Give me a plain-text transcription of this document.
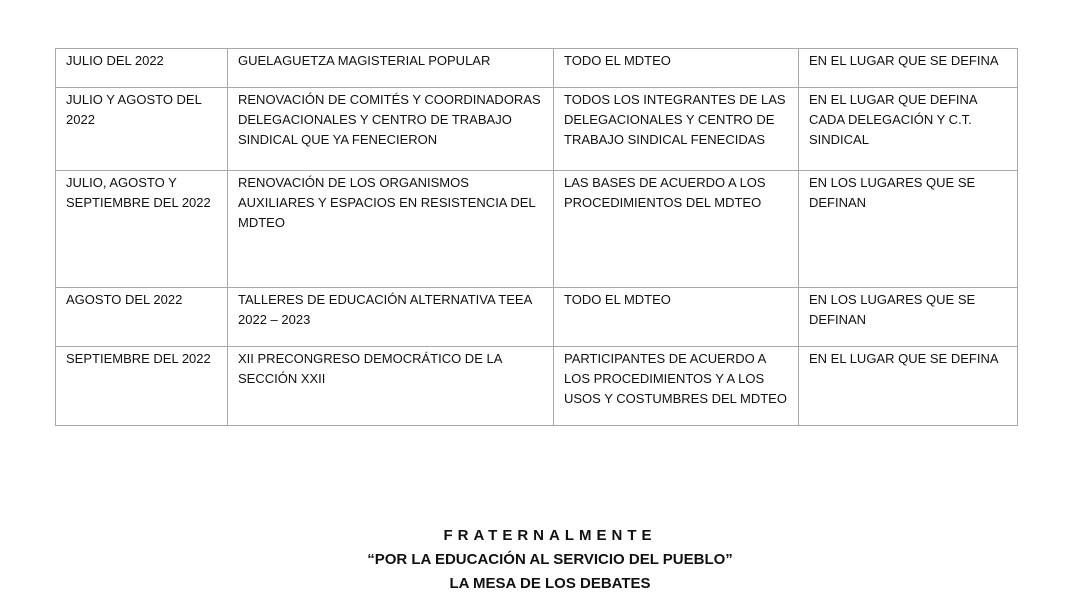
JULIO DEL 2022	GUELAGUETZA MAGISTERIAL POPULAR	TODO EL MDTEO	EN EL LUGAR QUE SE DEFINA
JULIO Y AGOSTO DEL 2022	RENOVACIÓN DE COMITÉS Y COORDINADORAS DELEGACIONALES Y CENTRO DE TRABAJO SINDICAL QUE YA FENECIERON	TODOS LOS INTEGRANTES DE LAS DELEGACIONALES Y CENTRO DE TRABAJO SINDICAL FENECIDAS	EN EL LUGAR QUE DEFINA CADA DELEGACIÓN Y C.T. SINDICAL
JULIO, AGOSTO Y SEPTIEMBRE DEL 2022	RENOVACIÓN DE LOS ORGANISMOS AUXILIARES Y ESPACIOS EN RESISTENCIA DEL MDTEO	LAS BASES DE ACUERDO A LOS PROCEDIMIENTOS DEL MDTEO	EN LOS LUGARES QUE SE DEFINAN
AGOSTO DEL 2022	TALLERES DE EDUCACIÓN ALTERNATIVA TEEA 2022 – 2023	TODO EL MDTEO	EN LOS LUGARES QUE SE DEFINAN
SEPTIEMBRE DEL 2022	XII PRECONGRESO DEMOCRÁTICO DE LA SECCIÓN XXII	PARTICIPANTES DE ACUERDO A LOS PROCEDIMIENTOS Y A LOS USOS Y COSTUMBRES DEL MDTEO	EN EL LUGAR QUE SE DEFINA
FRATERNALMENTE
“POR LA EDUCACIÓN AL SERVICIO DEL PUEBLO”
LA MESA DE LOS DEBATES
